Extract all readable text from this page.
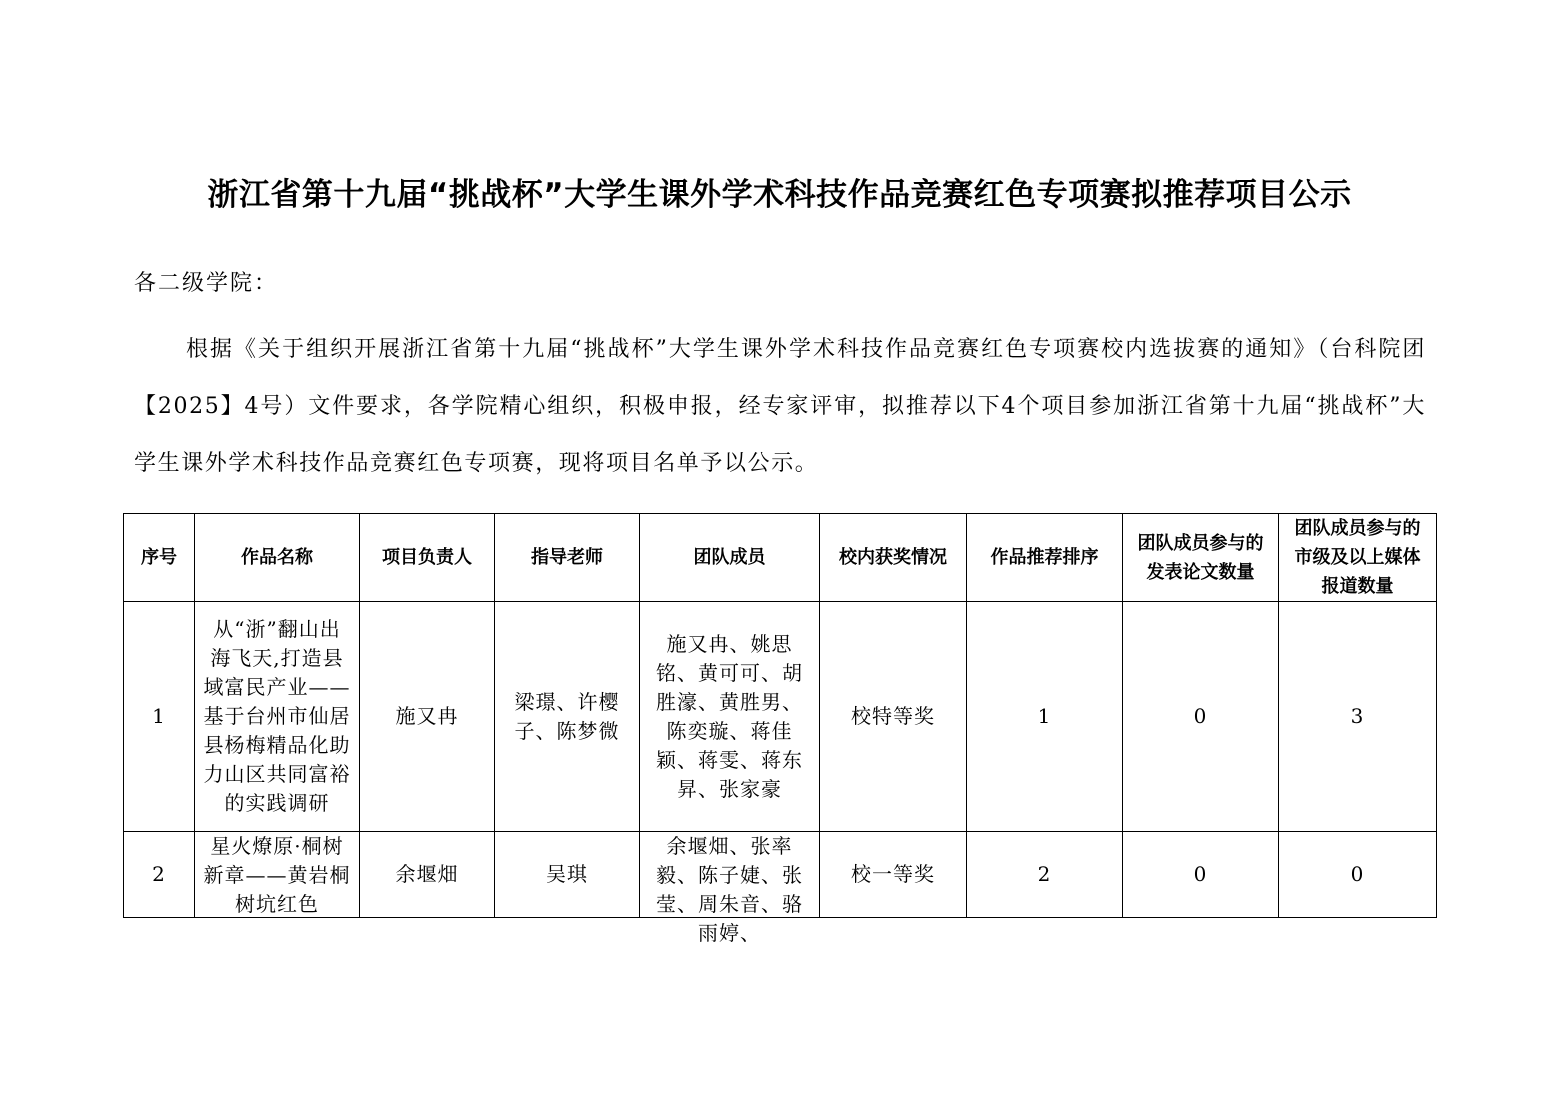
浙江省第十九届“挑战杯”大学生课外学术科技作品竞赛红色专项赛拟推荐项目公示

各二级学院：

根据《关于组织开展浙江省第十九届“挑战杯”大学生课外学术科技作品竞赛红色专项赛校内选拔赛的通知》（台科院团【2025】4号）文件要求，各学院精心组织，积极申报，经专家评审，拟推荐以下4个项目参加浙江省第十九届“挑战杯”大学生课外学术科技作品竞赛红色专项赛，现将项目名单予以公示。

序号	作品名称	项目负责人	指导老师	团队成员	校内获奖情况	作品推荐排序	团队成员参与的发表论文数量	团队成员参与的市级及以上媒体报道数量
1	从“浙”翻山出海飞天,打造县域富民产业——基于台州市仙居县杨梅精品化助力山区共同富裕的实践调研	施又冉	梁璟、许樱子、陈梦微	施又冉、姚思铭、黄可可、胡胜濠、黄胜男、陈奕璇、蒋佳颖、蒋雯、蒋东昇、张家豪	校特等奖	1	0	3

2	星火燎原·桐树新章——黄岩桐树坑红色	余堰畑	吴琪	余堰畑、张率毅、陈子婕、张莹、周朱音、骆雨婷、	校一等奖	2	0	0
